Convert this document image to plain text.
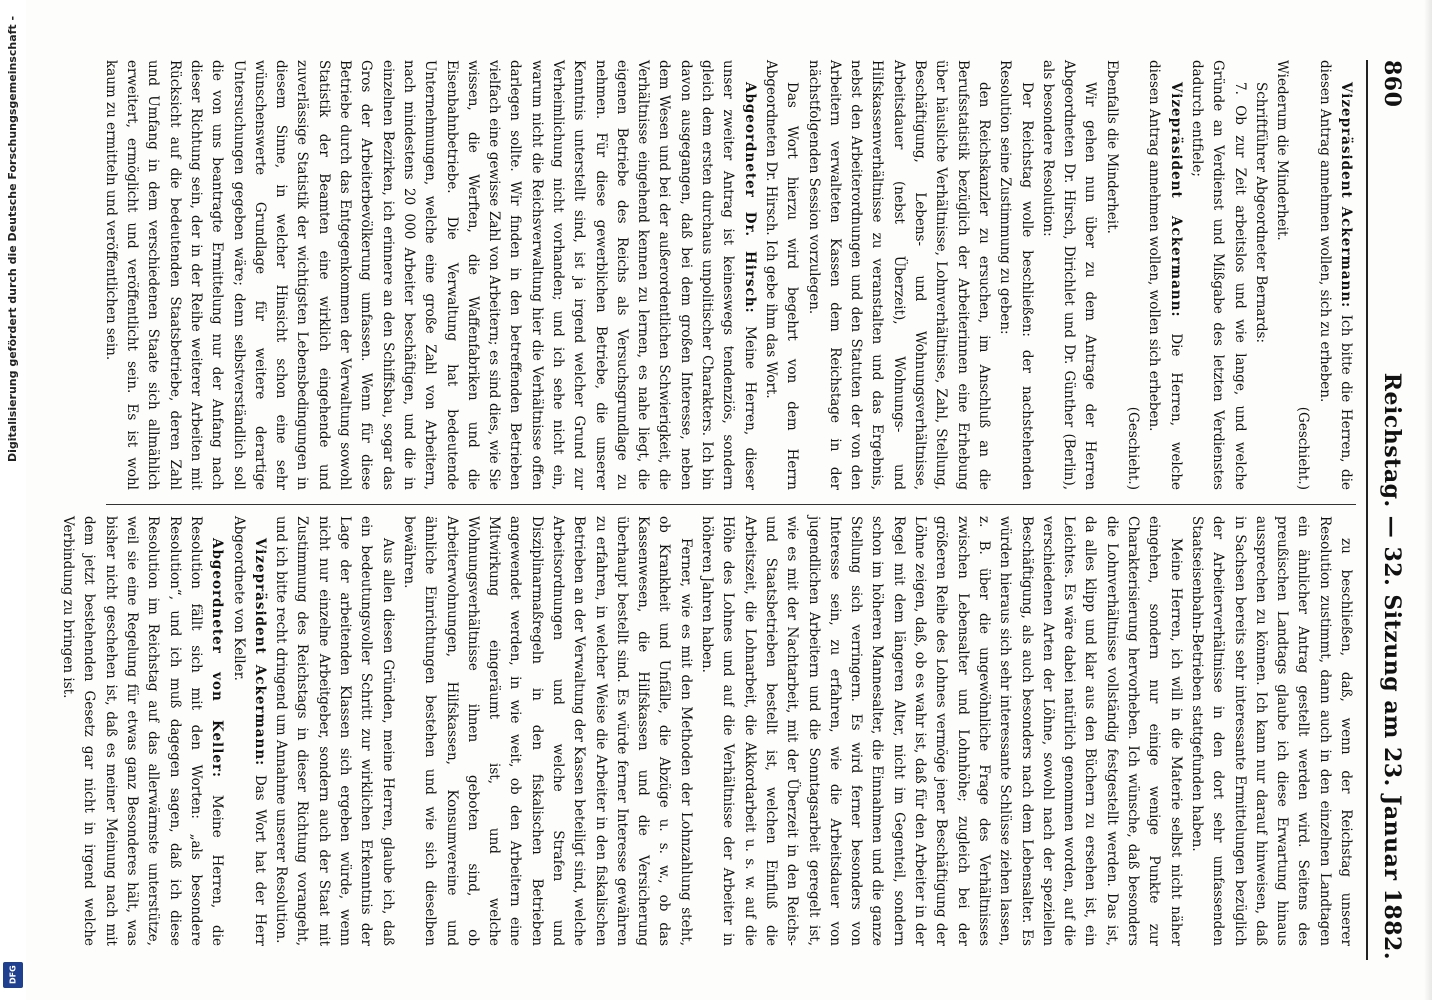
860
Reichstag. — 32. Sitzung am 23. Januar 1882.

Vizepräsident Ackermann: Ich bitte die Herren, die diesen Antrag annehmen wollen, sich zu erheben.

(Geschieht.)

Wiederum die Minderheit.

Schriftführer Abgeordneter Bernards:

7. Ob zur Zeit arbeitslos und wie lange, und welche Gründe an Verdienst und Mißgabe des letzten Verdienstes dadurch entfiele;

Vizepräsident Ackermann: Die Herren, welche diesen Antrag annehmen wollen, wollen sich erheben.

(Geschieht.)

Ebenfalls die Minderheit.

Wir gehen nun über zu dem Antrage der Herren Abgeordneten Dr. Hirsch, Dirichlet und Dr. Günther (Berlin), als besondere Resolution:

Der Reichstag wolle beschließen: der nachstehenden Resolution seine Zustimmung zu geben:

den Reichskanzler zu ersuchen, im Anschluß an die Berufsstatistik bezüglich der Arbeiterinnen eine Erhebung über häusliche Verhältnisse, Lohnverhältnisse, Zahl, Stellung, Beschäftigung, Lebens- und Wohnungsverhältnisse, Arbeitsdauer (nebst Überzeit), Wohnungs- und Hilfskassenverhältnisse zu veranstalten und das Ergebnis, nebst den Arbeiterordnungen und den Statuten der von den Arbeitern verwalteten Kassen dem Reichstage in der nächstfolgenden Session vorzulegen.

Das Wort hierzu wird begehrt von dem Herrn Abgeordneten Dr. Hirsch. Ich gebe ihm das Wort.

Abgeordneter Dr. Hirsch: Meine Herren, dieser unser zweiter Antrag ist keineswegs tendenziös, sondern gleich dem ersten durchaus unpolitischer Charakters. Ich bin davon ausgegangen, daß bei dem großen Interesse, neben dem Wesen und bei der außerordentlichen Schwierigkeit, die Verhältnisse eingehend kennen zu lernen, es nahe liegt, die eigenen Betriebe des Reichs als Versuchsgrundlage zu nehmen. Für diese gewerblichen Betriebe, die unserer Kenntnis unterstellt sind, ist ja irgend welcher Grund zur Verheimlichung nicht vorhanden; und ich sehe nicht ein, warum nicht die Reichsverwaltung hier die Verhältnisse offen darlegen sollte. Wir finden in den betreffenden Betrieben vielfach eine gewisse Zahl von Arbeitern; es sind dies, wie Sie wissen, die Werften, die Waffenfabriken und die Eisenbahnbetriebe. Die Verwaltung hat bedeutende Unternehmungen, welche eine große Zahl von Arbeitern, nach mindestens 20 000 Arbeiter beschäftigen, und die in einzelnen Bezirken, ich erinnere an den Schiffsbau, sogar das Gros der Arbeiterbevölkerung umfassen. Wenn für diese Betriebe durch das Entgegenkommen der Verwaltung sowohl Statistik der Beamten eine wirklich eingehende und zuverlässige Statistik der wichtigsten Lebensbedingungen in diesem Sinne, in welcher Hinsicht schon eine sehr wünschenswerte Grundlage für weitere derartige Untersuchungen gegeben wäre; denn selbstverständlich soll die von uns beantragte Ermittelung nur der Anfang nach dieser Richtung sein, der in der Reihe weiterer Arbeiten mit Rücksicht auf die bedeutenden Staatsbetriebe, deren Zahl und Umfang in dem verschiedenen Staate sich allmählich erweitert, ermöglicht und veröffentlicht sein. Es ist wohl kaum zu ermitteln und veröffentlichen sein.

zu beschließen, daß, wenn der Reichstag unserer Resolution zustimmt, dann auch in den einzelnen Landtagen ein ähnlicher Antrag gestellt werden wird. Seitens des preußischen Landtags glaube ich diese Erwartung hinaus aussprechen zu können. Ich kann nur darauf hinweisen, daß in Sachsen bereits sehr interessante Ermittelungen bezüglich der Arbeiterverhältnisse in den dort sehr umfassenden Staatseisenbahn-Betrieben stattgefunden haben.

Meine Herren, ich will in die Materie selbst nicht näher eingehen, sondern nur einige wenige Punkte zur Charakterisierung hervorheben. Ich wünsche, daß besonders die Lohnverhältnisse vollständig festgestellt werden. Das ist, da alles klipp und klar aus den Büchern zu ersehen ist, ein Leichtes. Es wäre dabei natürlich genommen worden, auf die verschiedenen Arten der Löhne, sowohl nach der speziellen Beschäftigung, als auch besonders nach dem Lebensalter. Es würden hieraus sich sehr interessante Schlüsse ziehen lassen, z. B. über die ungewöhnliche Frage des Verhältnisses zwischen Lebensalter und Lohnhöhe; zugleich bei der größeren Reihe des Lohnes vermöge jener Beschäftigung der Löhne zeigen, daß, ob es wahr ist, daß für den Arbeiter in der Regel mit dem längeren Alter, nicht im Gegenteil, sondern schon im höheren Mannesalter, die Einnahmen und die ganze Stellung sich verringern. Es wird ferner besonders von Interesse sein, zu erfahren, wie die Arbeitsdauer von jugendlichen Arbeitern und die Sonntagsarbeit geregelt ist, wie es mit der Nachtarbeit, mit der Überzeit in den Reichs- und Staatsbetrieben bestellt ist, welchen Einfluß die Arbeitszeit, die Lohnarbeit, die Akkordarbeit u. s. w. auf die Höhe des Lohnes und auf die Verhältnisse der Arbeiter in höheren Jahren haben.

Ferner, wie es mit den Methoden der Lohnzahlung steht, ob Krankheit und Unfälle, die Abzüge u. s. w., ob das Kassenwesen, die Hilfskassen und die Versicherung überhaupt bestellt sind. Es würde ferner Interesse gewähren zu erfahren, in welcher Weise die Arbeiter in den fiskalischen Betrieben an der Verwaltung der Kassen beteiligt sind, welche Arbeitsordnungen und welche Strafen und Disziplinarmaßregeln in den fiskalischen Betrieben angewendet werden, in wie weit, ob den Arbeitern eine Mitwirkung eingeräumt ist, und welche Wohnungsverhältnisse ihnen geboten sind, ob Arbeiterwohnungen, Hilfskassen, Konsumvereine und ähnliche Einrichtungen bestehen und wie sich dieselben bewähren.

Aus allen diesen Gründen, meine Herren, glaube ich, daß ein bedeutungsvoller Schritt zur wirklichen Erkenntnis der Lage der arbeitenden Klassen sich ergeben würde, wenn nicht nur einzelne Arbeitgeber, sondern auch der Staat mit Zustimmung des Reichstags in dieser Richtung vorangeht, und ich bitte recht dringend um Annahme unserer Resolution.

Vizepräsident Ackermann: Das Wort hat der Herr Abgeordnete von Keller.

Abgeordneter von Keller: Meine Herren, die Resolution fällt sich mit den Worten: „als besondere Resolution“, und ich muß dagegen sagen, daß ich diese Resolution im Reichstag auf das allerwärmste unterstütze, weil sie eine Regelung für etwas ganz Besonderes hält, was bisher nicht geschehen ist, daß es meiner Meinung nach mit dem jetzt bestehenden Gesetz gar nicht in irgend welche Verbindung zu bringen ist.

Digitalisierung gefördert durch die Deutsche Forschungsgemeinschaft -
DFG
